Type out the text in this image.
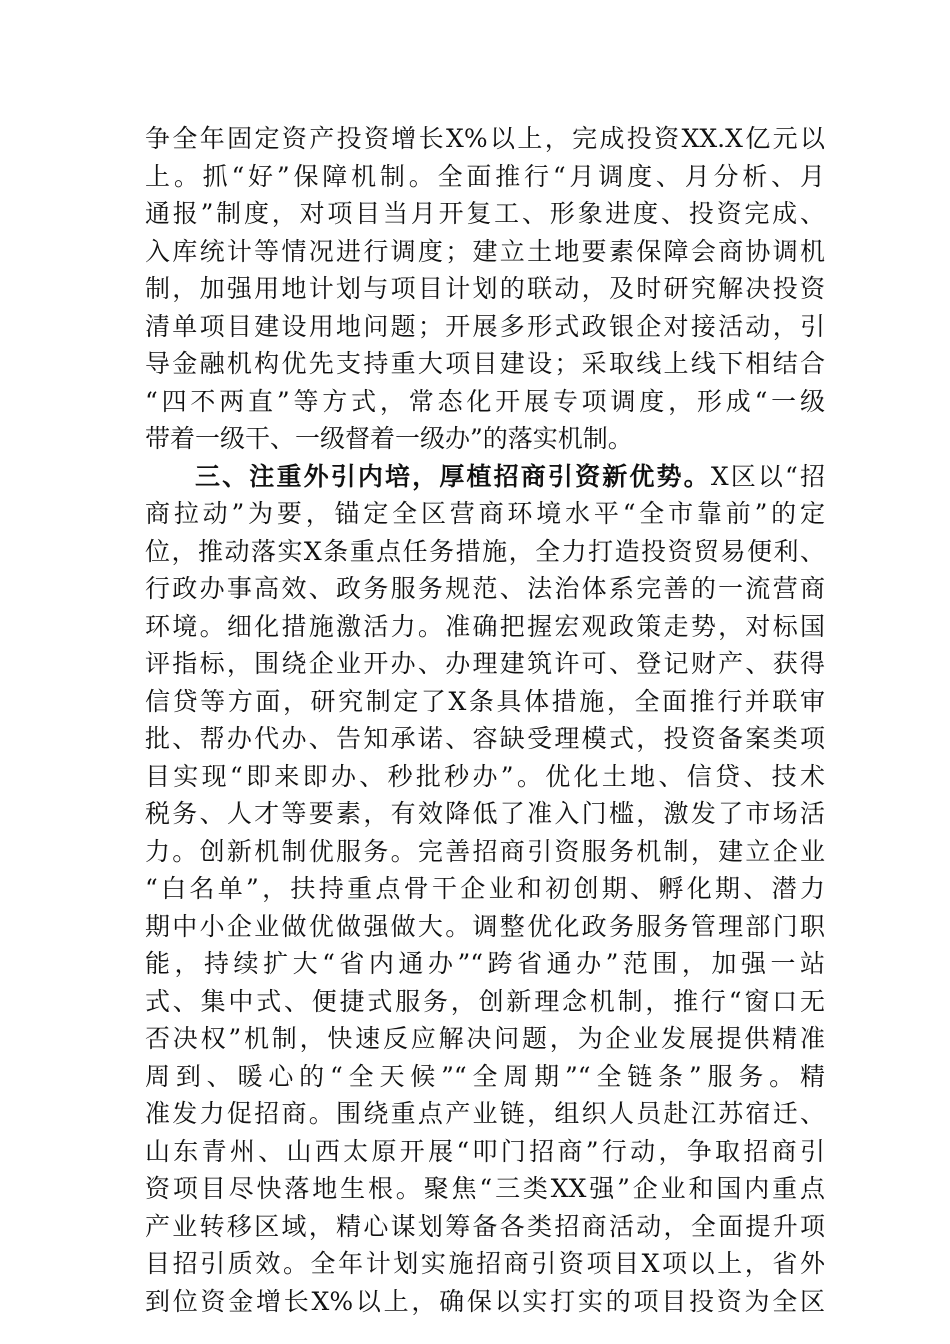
争全年固定资产投资增长X%以上，完成投资XX.X亿元以
上。抓“好”保障机制。全面推行“月调度、月分析、月
通报”制度，对项目当月开复工、形象进度、投资完成、
入库统计等情况进行调度；建立土地要素保障会商协调机
制，加强用地计划与项目计划的联动，及时研究解决投资
清单项目建设用地问题；开展多形式政银企对接活动，引
导金融机构优先支持重大项目建设；采取线上线下相结合
“四不两直”等方式，常态化开展专项调度，形成“一级
带着一级干、一级督着一级办”的落实机制。
三、注重外引内培，厚植招商引资新优势。X区以“招
商拉动”为要，锚定全区营商环境水平“全市靠前”的定
位，推动落实X条重点任务措施，全力打造投资贸易便利、
行政办事高效、政务服务规范、法治体系完善的一流营商
环境。细化措施激活力。准确把握宏观政策走势，对标国
评指标，围绕企业开办、办理建筑许可、登记财产、获得
信贷等方面，研究制定了X条具体措施，全面推行并联审
批、帮办代办、告知承诺、容缺受理模式，投资备案类项
目实现“即来即办、秒批秒办”。优化土地、信贷、技术
税务、人才等要素，有效降低了准入门槛，激发了市场活
力。创新机制优服务。完善招商引资服务机制，建立企业
“白名单”，扶持重点骨干企业和初创期、孵化期、潜力
期中小企业做优做强做大。调整优化政务服务管理部门职
能，持续扩大“省内通办”“跨省通办”范围，加强一站
式、集中式、便捷式服务，创新理念机制，推行“窗口无
否决权”机制，快速反应解决问题，为企业发展提供精准
周到、暖心的“全天候”“全周期”“全链条”服务。精
准发力促招商。围绕重点产业链，组织人员赴江苏宿迁、
山东青州、山西太原开展“叩门招商”行动，争取招商引
资项目尽快落地生根。聚焦“三类XX强”企业和国内重点
产业转移区域，精心谋划筹备各类招商活动，全面提升项
目招引质效。全年计划实施招商引资项目X项以上，省外
到位资金增长X%以上，确保以实打实的项目投资为全区
